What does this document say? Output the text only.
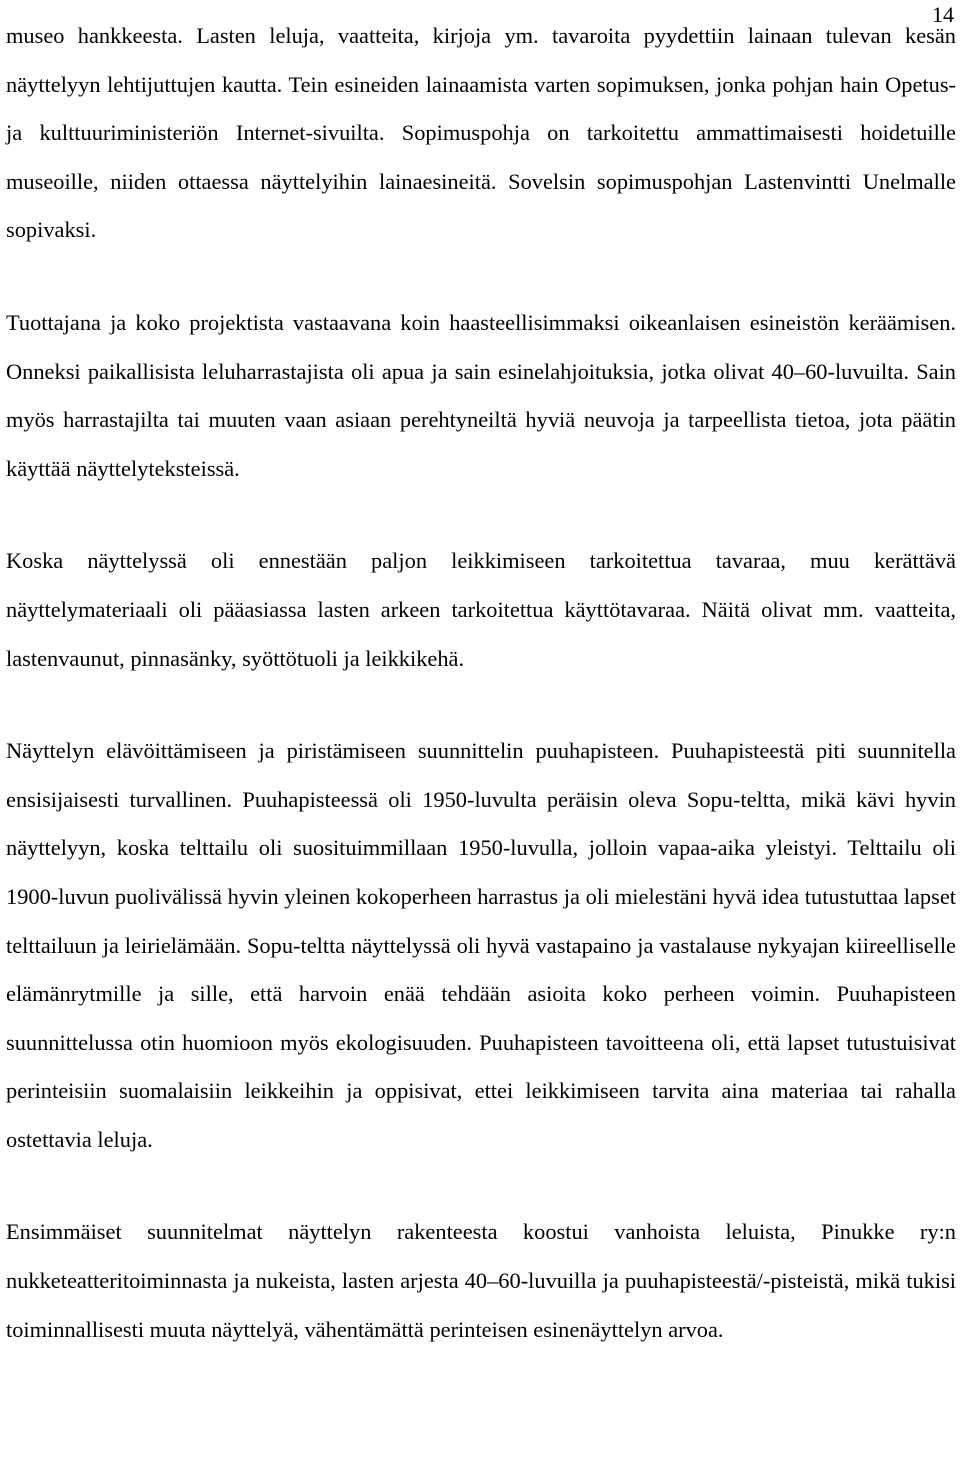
14

museo hankkeesta. Lasten leluja, vaatteita, kirjoja ym. tavaroita pyydettiin lainaan tulevan kesän näyttelyyn lehtijuttujen kautta. Tein esineiden lainaamista varten sopimuksen, jonka pohjan hain Opetus- ja kulttuuriministeriön Internet-sivuilta. Sopimuspohja on tarkoitettu ammattimaisesti hoidetuille museoille, niiden ottaessa näyttelyihin lainaesineitä. Sovelsin sopimuspohjan Lastenvintti Unelmalle sopivaksi.

Tuottajana ja koko projektista vastaavana koin haasteellisimmaksi oikeanlaisen esineistön keräämisen. Onneksi paikallisista leluharrastajista oli apua ja sain esinelahjoituksia, jotka olivat 40–60-luvuilta. Sain myös harrastajilta tai muuten vaan asiaan perehtyneiltä hyviä neuvoja ja tarpeellista tietoa, jota päätin käyttää näyttelyteksteissä.

Koska näyttelyssä oli ennestään paljon leikkimiseen tarkoitettua tavaraa, muu kerättävä näyttelymateriaali oli pääasiassa lasten arkeen tarkoitettua käyttötavaraa. Näitä olivat mm. vaatteita, lastenvaunut, pinnasänky, syöttötuoli ja leikkikehä.

Näyttelyn elävöittämiseen ja piristämiseen suunnittelin puuhapisteen. Puuhapisteestä piti suunnitella ensisijaisesti turvallinen. Puuhapisteessä oli 1950-luvulta peräisin oleva Sopu-teltta, mikä kävi hyvin näyttelyyn, koska telttailu oli suosituimmillaan 1950-luvulla, jolloin vapaa-aika yleistyi. Telttailu oli 1900-luvun puolivälissä hyvin yleinen kokoperheen harrastus ja oli mielestäni hyvä idea tutustuttaa lapset telttailuun ja leirielämään. Sopu-teltta näyttelyssä oli hyvä vastapaino ja vastalause nykyajan kiireelliselle elämänrytmille ja sille, että harvoin enää tehdään asioita koko perheen voimin. Puuhapisteen suunnittelussa otin huomioon myös ekologisuuden. Puuhapisteen tavoitteena oli, että lapset tutustuisivat perinteisiin suomalaisiin leikkeihin ja oppisivat, ettei leikkimiseen tarvita aina materiaa tai rahalla ostettavia leluja.

Ensimmäiset suunnitelmat näyttelyn rakenteesta koostui vanhoista leluista, Pinukke ry:n nukketeatteritoiminnasta ja nukeista, lasten arjesta 40–60-luvuilla ja puuhapisteestä/-pisteistä, mikä tukisi toiminnallisesti muuta näyttelyä, vähentämättä perinteisen esinenäyttelyn arvoa.
